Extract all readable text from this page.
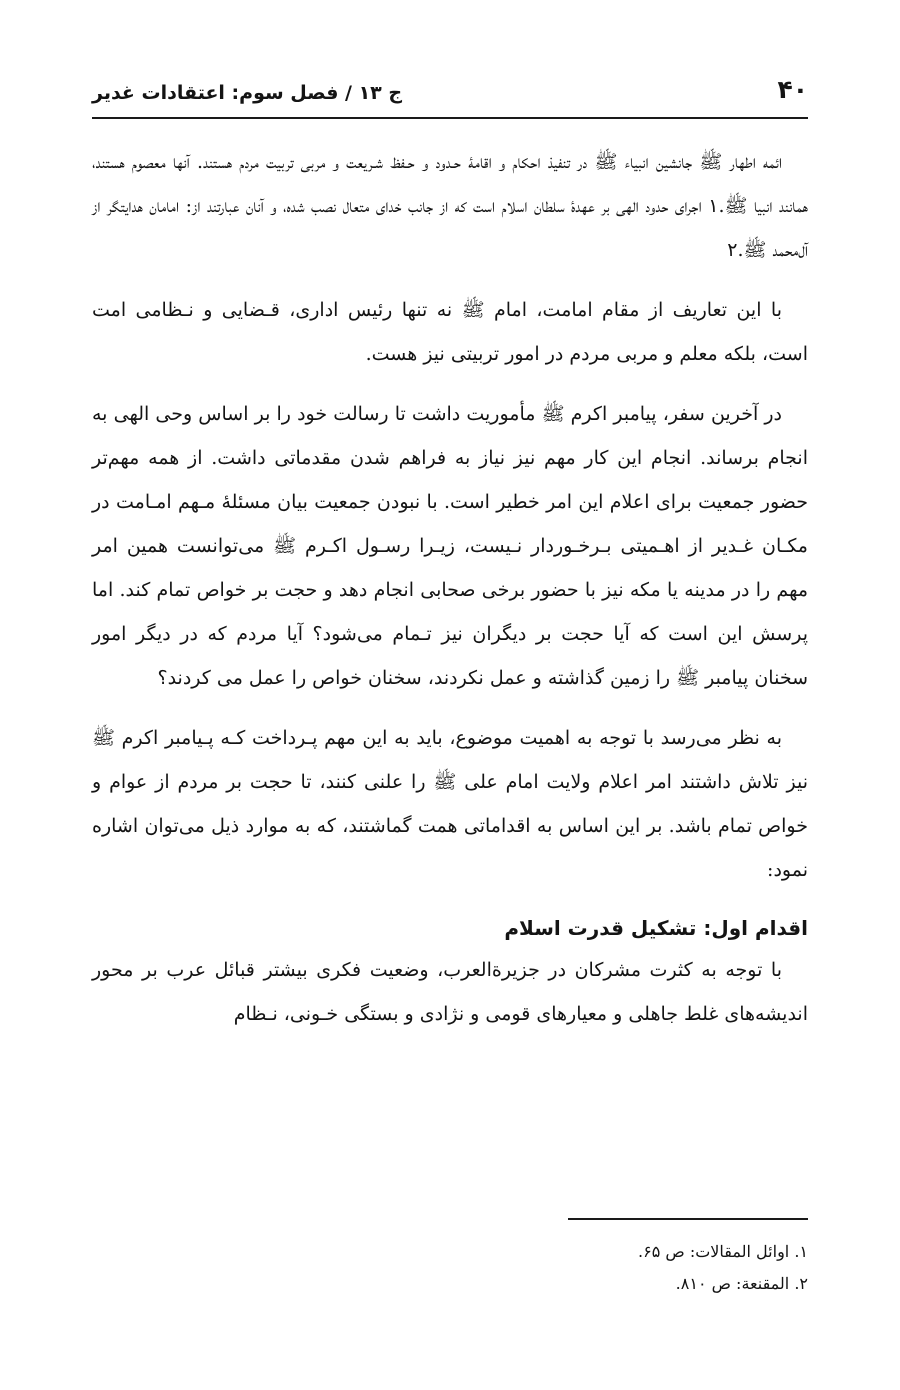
۴۰
ج ۱۳ / فصل سوم: اعتقادات غدیر

ائمه اطهار ﷺ جانشین انبیاء ﷺ در تنفیذ احکام و اقامهٔ حـدود و حـفظ شـریعت و مربی تربیت مردم هستند. آنها معصوم هستند، همانند انبیا ﷺ.۱ اجرای حدود الهی بر عهدهٔ سلطان اسلام است که از جانب خدای متعال نصب شده، و آنان عبارتند از: امامان هدایتگر از آل‌محمد ﷺ.۲

با این تعاریف از مقام امامت، امام ﷺ نه تنها رئیس اداری، قـضایی و نـظامی امت است، بلکه معلم و مربی مردم در امور تربیتی نیز هست.

در آخرین سفر، پیامبر اکرم ﷺ مأموریت داشت تا رسالت خود را بر اساس وحی الهی به انجام برساند. انجام این کار مهم نیز نیاز به فراهم شدن مقدماتی داشت. از همه مهم‌تر حضور جمعیت برای اعلام این امر خطیر است. با نبودن جمعیت بیان مسئلهٔ مـهم امـامت در مکـان غـدیر از اهـمیتی بـرخـوردار نـیست، زیـرا رسـول اکـرم ﷺ می‌توانست همین امر مهم را در مدینه یا مکه نیز با حضور برخی صحابی انجام دهد و حجت بر خواص تمام کند. اما پرسش این است که آیا حجت بر دیگران نیز تـمام می‌شود؟ آیا مردم که در دیگر امور سخنان پیامبر ﷺ را زمین گذاشته و عمل نکردند، سخنان خواص را عمل می کردند؟

به نظر می‌رسد با توجه به اهمیت موضوع، باید به این مهم پـرداخت کـه پـیامبر اکرم ﷺ نیز تلاش داشتند امر اعلام ولایت امام علی ﷺ را علنی کنند، تا حجت بر مردم از عوام و خواص تمام باشد. بر این اساس به اقداماتی همت گماشتند، که به موارد ذیل می‌توان اشاره نمود:

اقدام اول: تشکیل قدرت اسلام

با توجه به کثرت مشرکان در جزیرةالعرب، وضعیت فکری بیشتر قبائل عرب بر محور اندیشه‌های غلط جاهلی و معیارهای قومی و نژادی و بستگی خـونی، نـظام

۱. اوائل المقالات: ص ۶۵.

۲. المقنعة: ص ۸۱۰.
